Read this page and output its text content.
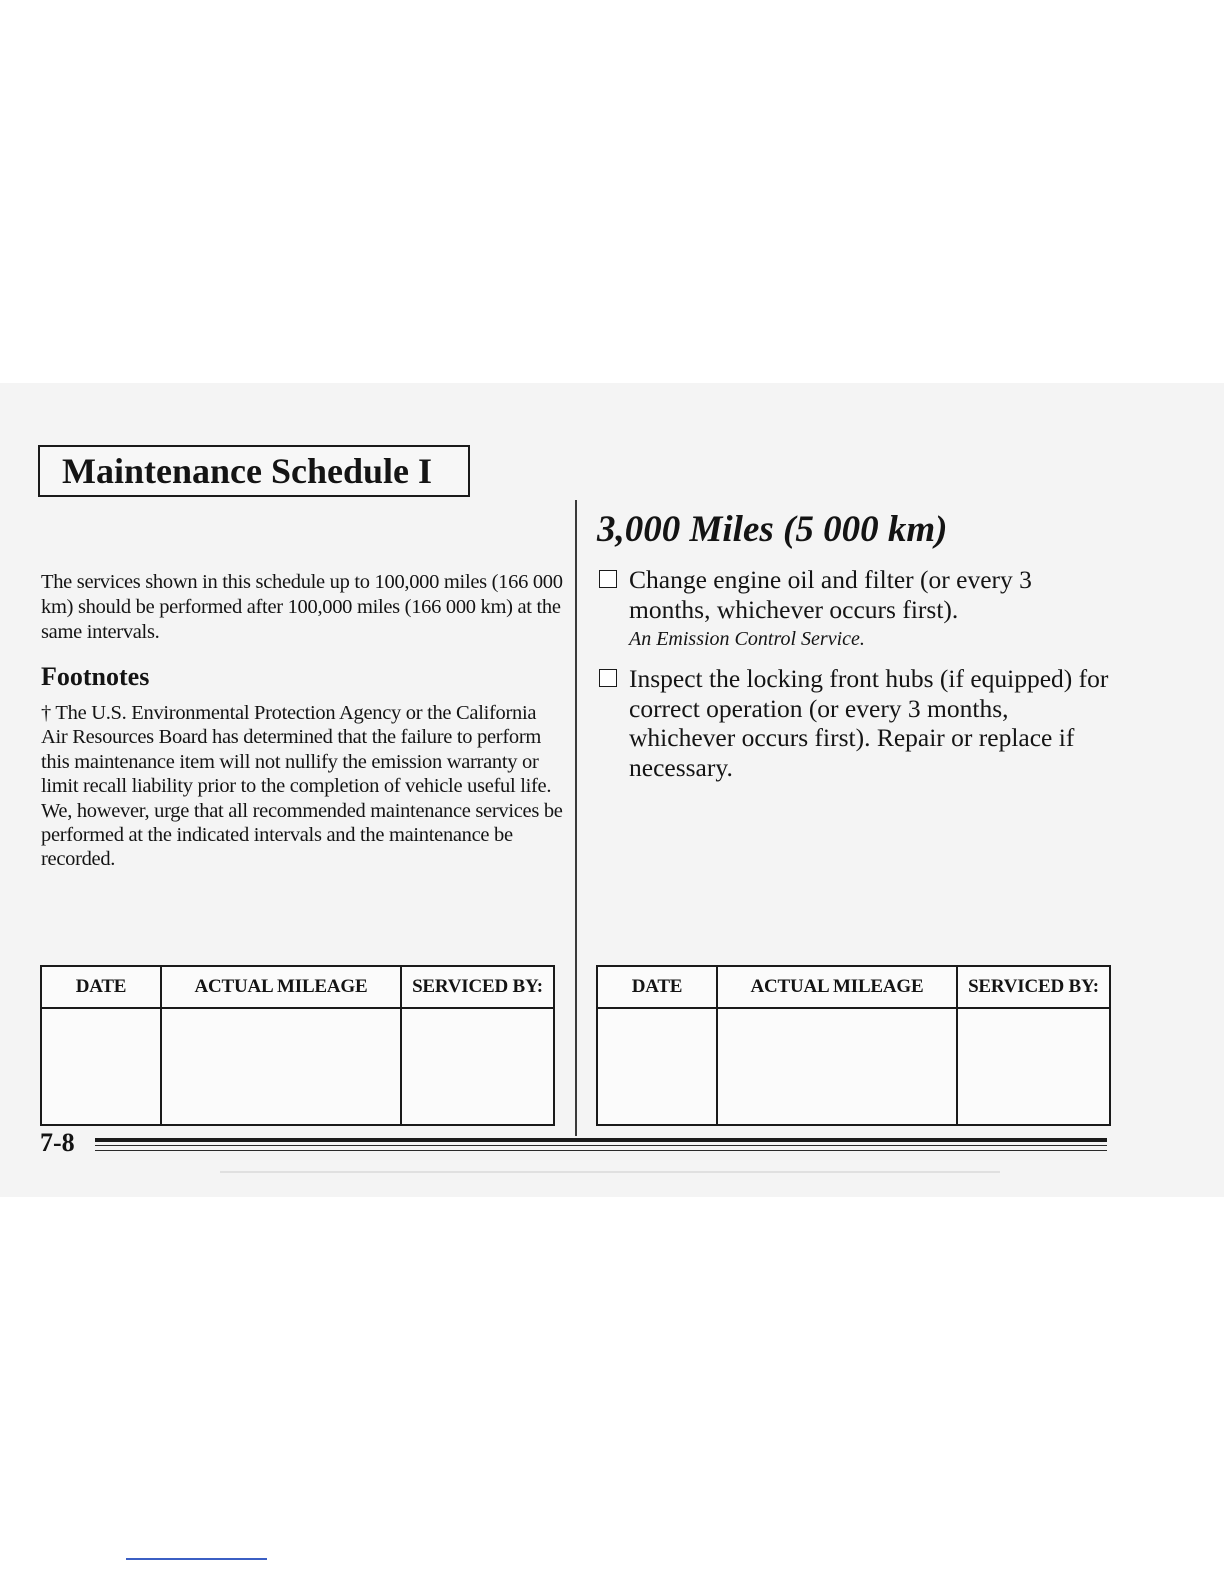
Maintenance Schedule I

The services shown in this schedule up to 100,000 miles (166 000 km) should be performed after 100,000 miles (166 000 km) at the same intervals.

Footnotes

† The U.S. Environmental Protection Agency or the California Air Resources Board has determined that the failure to perform this maintenance item will not nullify the emission warranty or limit recall liability prior to the completion of vehicle useful life. We, however, urge that all recommended maintenance services be performed at the indicated intervals and the maintenance be recorded.

3,000 Miles (5 000 km)
Change engine oil and filter (or every 3 months, whichever occurs first).
An Emission Control Service.
Inspect the locking front hubs (if equipped) for correct operation (or every 3 months, whichever occurs first). Repair or replace if necessary.
DATE	ACTUAL MILEAGE	SERVICED BY:
			DATE	ACTUAL MILEAGE	SERVICED BY:

7-8
